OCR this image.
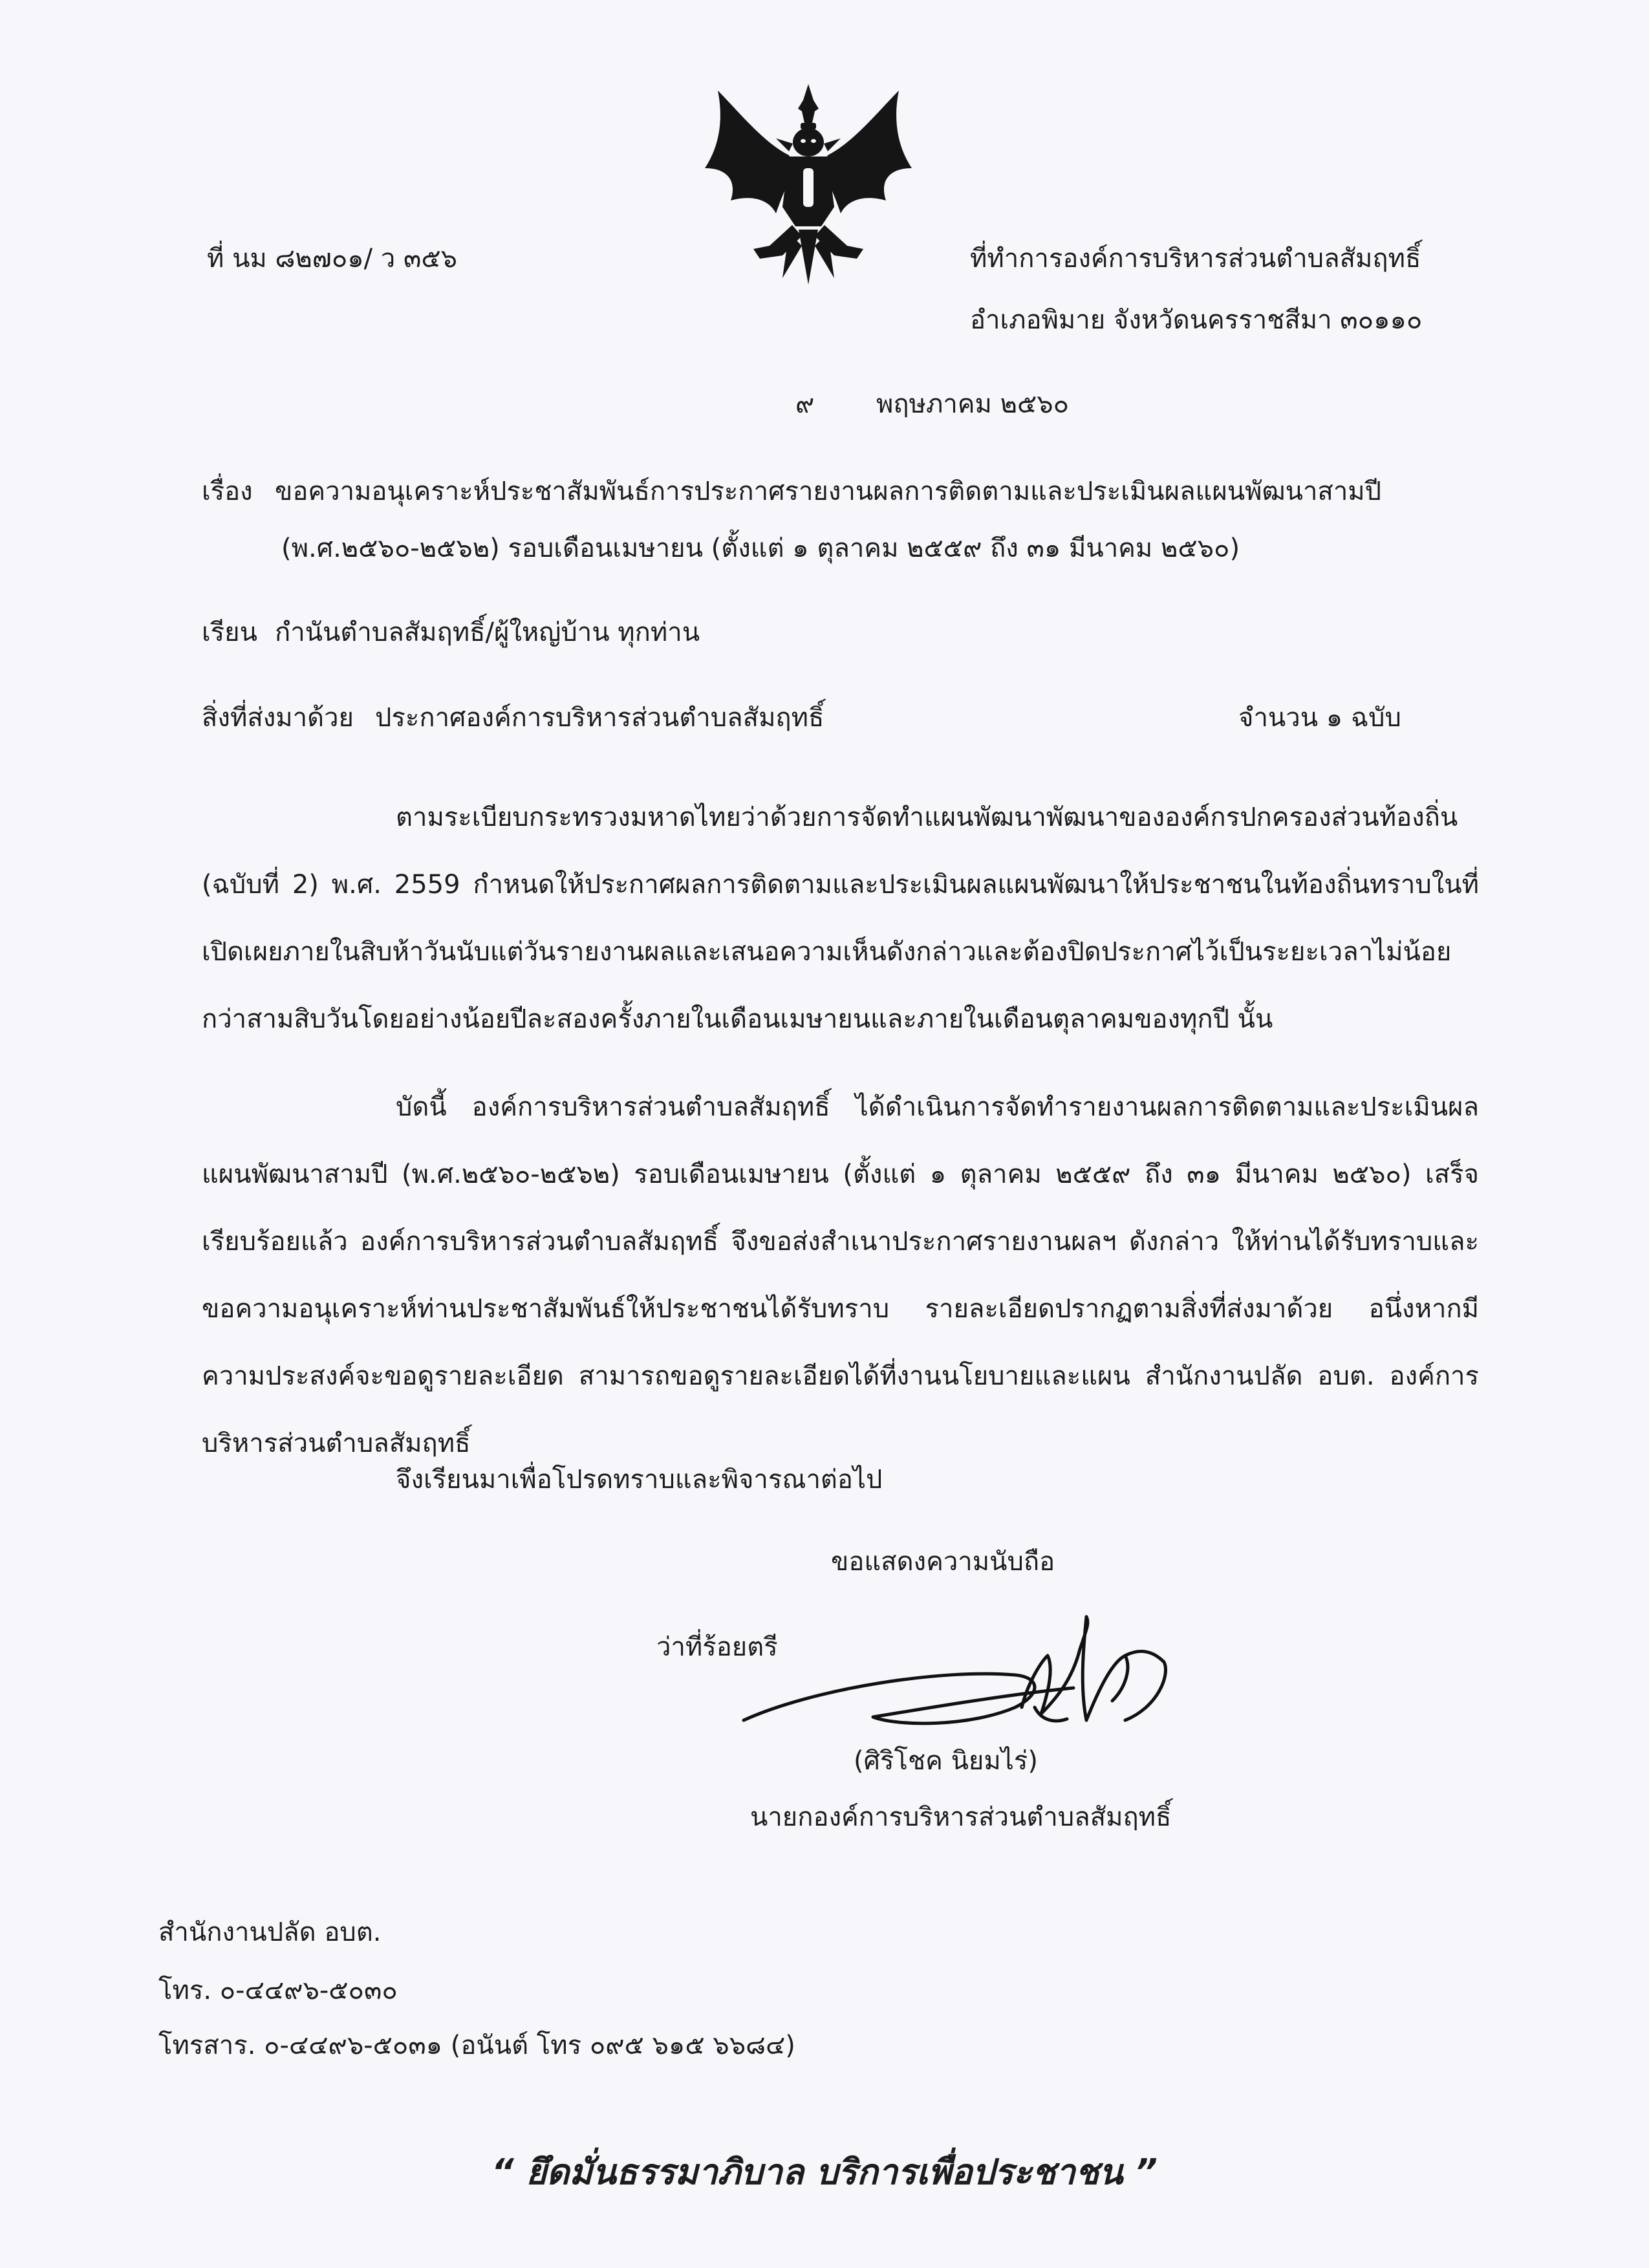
ที่ นม ๘๒๗๐๑/ ว ๓๕๖	ที่ทำการองค์การบริหารส่วนตำบลสัมฤทธิ์
อำเภอพิมาย จังหวัดนครราชสีมา ๓๐๑๑๐
๙ พฤษภาคม ๒๕๖๐
เรื่อง ขอความอนุเคราะห์ประชาสัมพันธ์การประกาศรายงานผลการติดตามและประเมินผลแผนพัฒนาสามปี
(พ.ศ.๒๕๖๐-๒๕๖๒) รอบเดือนเมษายน (ตั้งแต่ ๑ ตุลาคม ๒๕๕๙ ถึง ๓๑ มีนาคม ๒๕๖๐)
เรียน กำนันตำบลสัมฤทธิ์/ผู้ใหญ่บ้าน ทุกท่าน
สิ่งที่ส่งมาด้วย ประกาศองค์การบริหารส่วนตำบลสัมฤทธิ์	จำนวน ๑ ฉบับ
ตามระเบียบกระทรวงมหาดไทยว่าด้วยการจัดทำแผนพัฒนาพัฒนาขององค์กรปกครองส่วนท้องถิ่น (ฉบับที่ 2) พ.ศ. 2559 กำหนดให้ประกาศผลการติดตามและประเมินผลแผนพัฒนาให้ประชาชนในท้องถิ่นทราบในที่เปิดเผยภายในสิบห้าวันนับแต่วันรายงานผลและเสนอความเห็นดังกล่าวและต้องปิดประกาศไว้เป็นระยะเวลาไม่น้อยกว่าสามสิบวันโดยอย่างน้อยปีละสองครั้งภายในเดือนเมษายนและภายในเดือนตุลาคมของทุกปี นั้น
บัดนี้ องค์การบริหารส่วนตำบลสัมฤทธิ์ ได้ดำเนินการจัดทำรายงานผลการติดตามและประเมินผลแผนพัฒนาสามปี (พ.ศ.๒๕๖๐-๒๕๖๒) รอบเดือนเมษายน (ตั้งแต่ ๑ ตุลาคม ๒๕๕๙ ถึง ๓๑ มีนาคม ๒๕๖๐) เสร็จเรียบร้อยแล้ว องค์การบริหารส่วนตำบลสัมฤทธิ์ จึงขอส่งสำเนาประกาศรายงานผลฯ ดังกล่าว ให้ท่านได้รับทราบและขอความอนุเคราะห์ท่านประชาสัมพันธ์ให้ประชาชนได้รับทราบ รายละเอียดปรากฏตามสิ่งที่ส่งมาด้วย อนึ่งหากมีความประสงค์จะขอดูรายละเอียด สามารถขอดูรายละเอียดได้ที่งานนโยบายและแผน สำนักงานปลัด อบต. องค์การบริหารส่วนตำบลสัมฤทธิ์
จึงเรียนมาเพื่อโปรดทราบและพิจารณาต่อไป
ขอแสดงความนับถือ
ว่าที่ร้อยตรี
(ศิริโชค นิยมไร่)
นายกองค์การบริหารส่วนตำบลสัมฤทธิ์
สำนักงานปลัด อบต.
โทร. ๐-๔๔๙๖-๕๐๓๐
โทรสาร. ๐-๔๔๙๖-๕๐๓๑ (อนันต์ โทร ๐๙๕ ๖๑๕ ๖๖๘๔)
“ ยึดมั่นธรรมาภิบาล บริการเพื่อประชาชน ”
